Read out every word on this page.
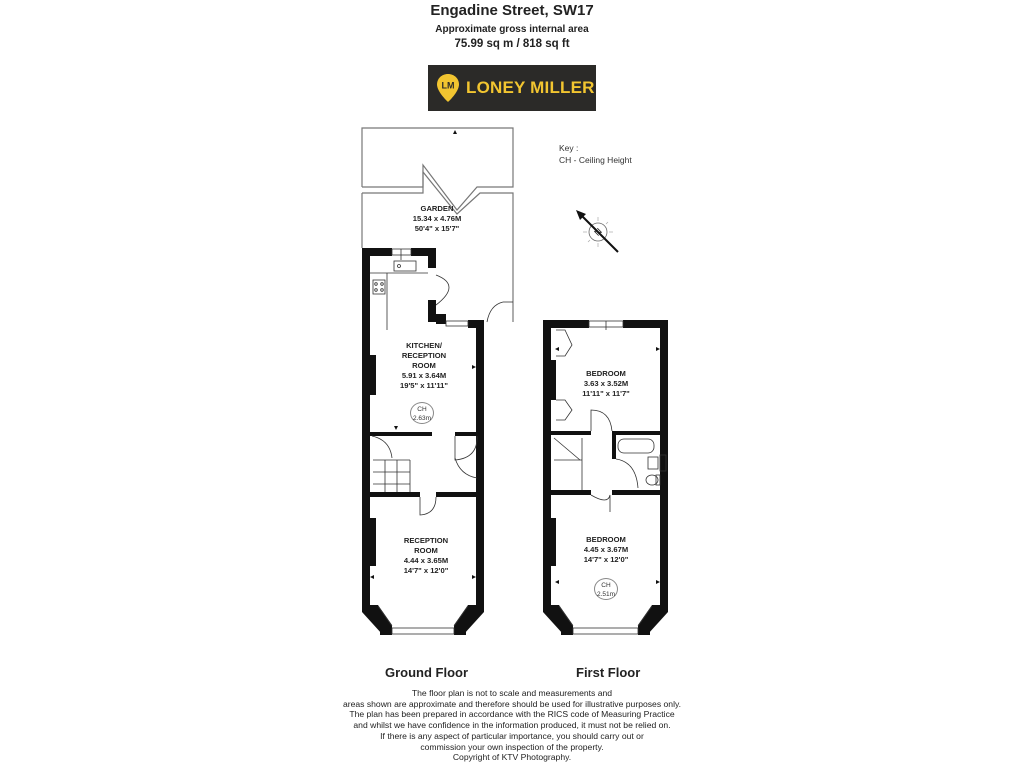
Engadine Street, SW17
Approximate gross internal area
75.99 sq m / 818 sq ft
LM LONEY MILLER
Key :
CH - Ceiling Height
N
GARDEN
15.34 x 4.76M
50'4" x 15'7"
KITCHEN/
RECEPTION
ROOM
5.91 x 3.64M
19'5" x 11'11"
CH
2.63m
RECEPTION
ROOM
4.44 x 3.65M
14'7" x 12'0"
BEDROOM
3.63 x 3.52M
11'11" x 11'7"
BEDROOM
4.45 x 3.67M
14'7" x 12'0"
CH
2.51m
Ground Floor	First Floor
The floor plan is not to scale and measurements and
areas shown are approximate and therefore should be used for illustrative purposes only.
The plan has been prepared in accordance with the RICS code of Measuring Practice
and whilst we have confidence in the information produced, it must not be relied on.
If there is any aspect of particular importance, you should carry out or
commission your own inspection of the property.
Copyright of KTV Photography.
